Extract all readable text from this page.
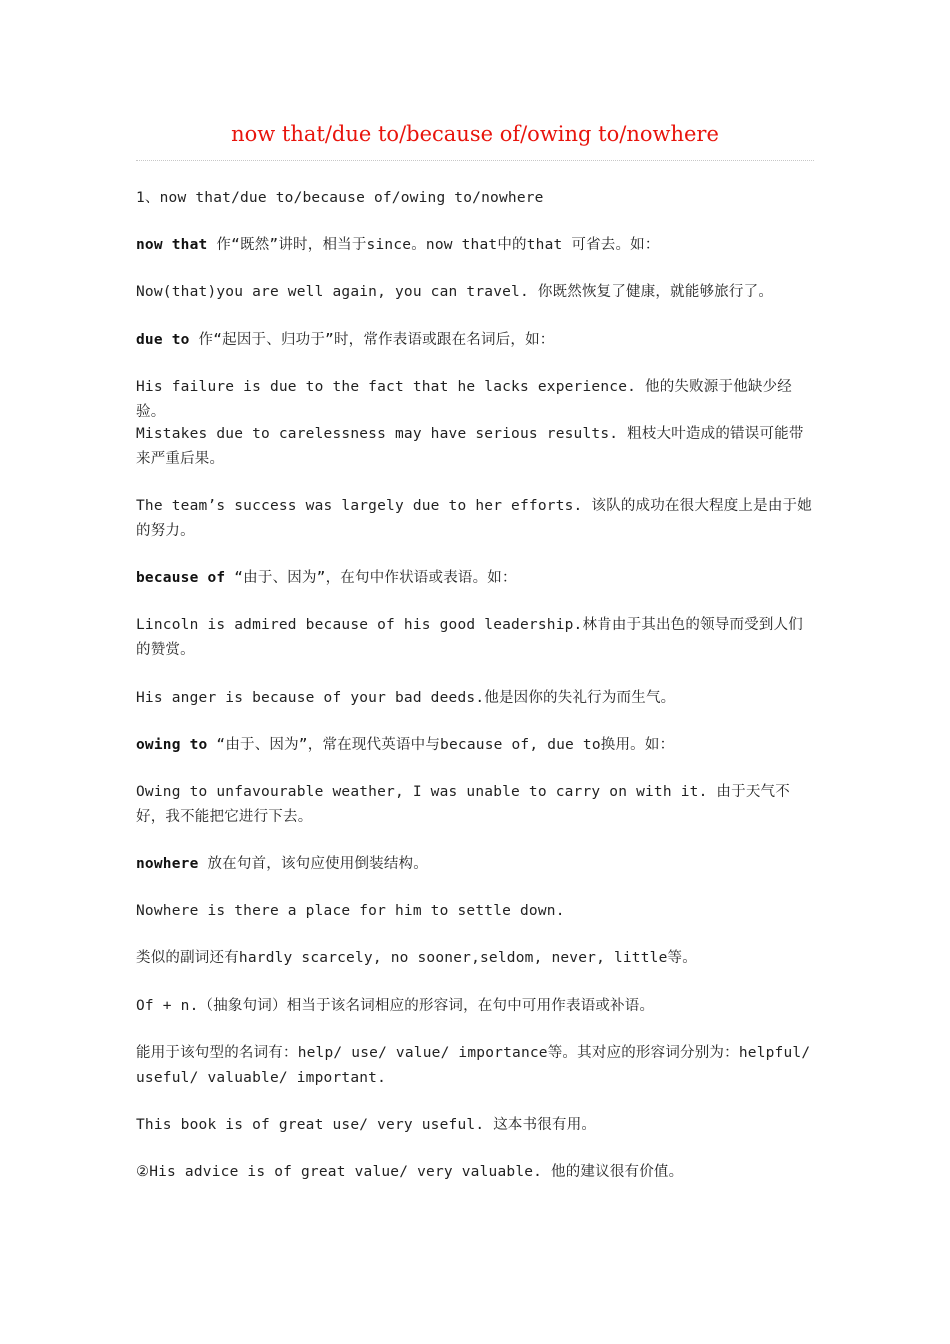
now that/due to/because of/owing to/nowhere

1、now that/due to/because of/owing to/nowhere

now that 作“既然”讲时，相当于since。now that中的that 可省去。如：

Now(that)you are well again, you can travel. 你既然恢复了健康，就能够旅行了。

due to 作“起因于、归功于”时，常作表语或跟在名词后，如：

His failure is due to the fact that he lacks experience. 他的失败源于他缺少经验。

Mistakes due to carelessness may have serious results. 粗枝大叶造成的错误可能带来严重后果。

The team’s success was largely due to her efforts. 该队的成功在很大程度上是由于她的努力。

because of “由于、因为”，在句中作状语或表语。如：

Lincoln is admired because of his good leadership.林肯由于其出色的领导而受到人们的赞赏。

His anger is because of your bad deeds.他是因你的失礼行为而生气。

owing to “由于、因为”，常在现代英语中与because of, due to换用。如：

Owing to unfavourable weather, I was unable to carry on with it. 由于天气不好，我不能把它进行下去。

nowhere 放在句首，该句应使用倒装结构。

Nowhere is there a place for him to settle down.

类似的副词还有hardly scarcely, no sooner,seldom, never, little等。

Of + n.（抽象句词）相当于该名词相应的形容词，在句中可用作表语或补语。

能用于该句型的名词有：help/ use/ value/ importance等。其对应的形容词分别为：helpful/ useful/ valuable/ important.

This book is of great use/ very useful. 这本书很有用。

②His advice is of great value/ very valuable. 他的建议很有价值。
